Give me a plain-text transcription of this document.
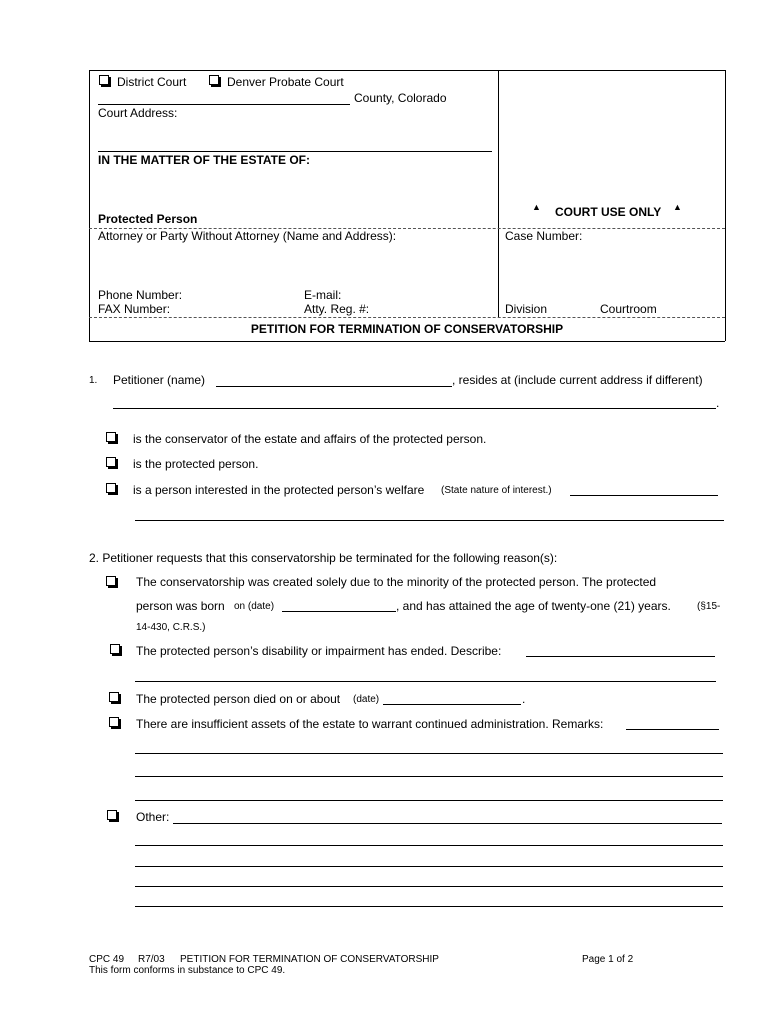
District Court	Denver Probate Court
County, Colorado
Court Address:
IN THE MATTER OF THE ESTATE OF:
Protected Person
▲ COURT USE ONLY ▲
Attorney or Party Without Attorney (Name and Address):	Case Number:
Phone Number:	E-mail:
FAX Number:	Atty. Reg. #:	Division	Courtroom
PETITION FOR TERMINATION OF CONSERVATORSHIP
1. Petitioner (name)	, resides at (include current address if different)
.
is the conservator of the estate and affairs of the protected person.
is the protected person.
is a person interested in the protected person’s welfare (State nature of interest.)
2. Petitioner requests that this conservatorship be terminated for the following reason(s):
The conservatorship was created solely due to the minority of the protected person. The protected
person was born on (date)	, and has attained the age of twenty-one (21) years.	(§15-
14-430, C.R.S.)
The protected person’s disability or impairment has ended. Describe:
The protected person died on or about (date)	.
There are insufficient assets of the estate to warrant continued administration. Remarks:
Other:
CPC 49 R7/03 PETITION FOR TERMINATION OF CONSERVATORSHIP	Page 1 of 2
This form conforms in substance to CPC 49.
